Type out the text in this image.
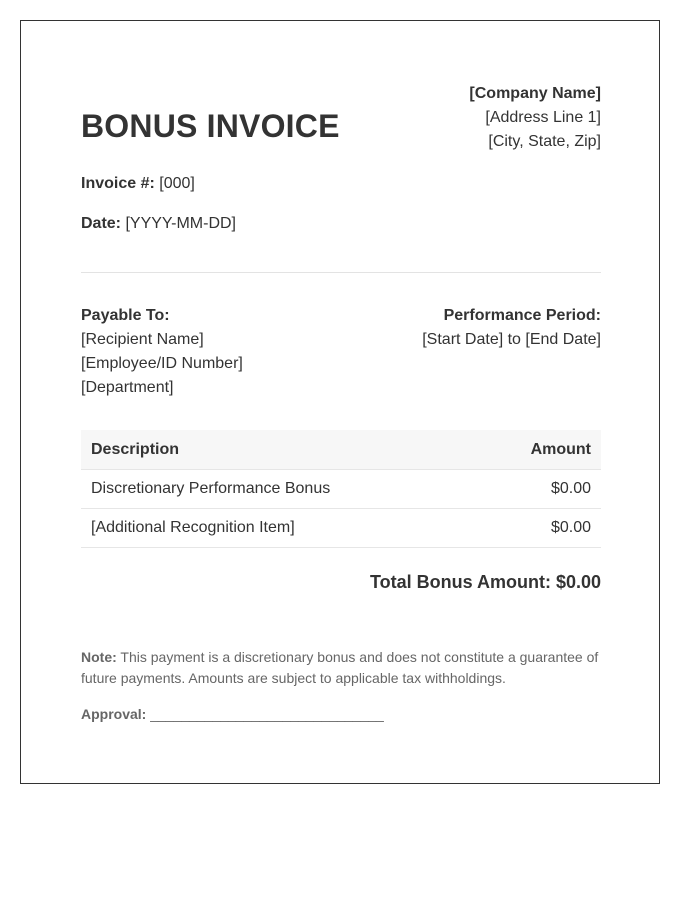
[Company Name]
[Address Line 1]
[City, State, Zip]
BONUS INVOICE
Invoice #: [000]
Date: [YYYY-MM-DD]
Payable To:
[Recipient Name]
[Employee/ID Number]
[Department]
Performance Period:
[Start Date] to [End Date]
Description	Amount
Discretionary Performance Bonus	$0.00
[Additional Recognition Item]	$0.00
Total Bonus Amount: $0.00
Note: This payment is a discretionary bonus and does not constitute a guarantee of future payments. Amounts are subject to applicable tax withholdings.
Approval: ______________________________
